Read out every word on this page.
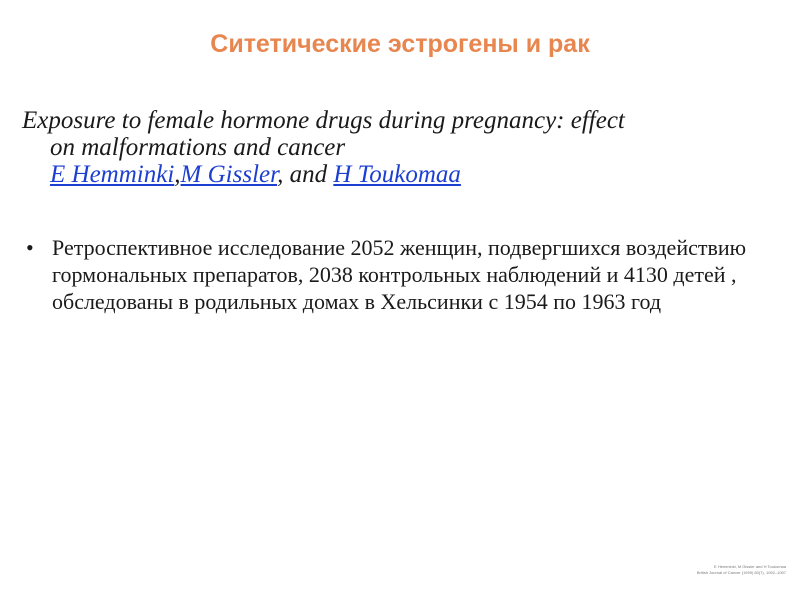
Ситетические эстрогены и рак
Exposure to female hormone drugs during pregnancy: effect
on malformations and cancer
E Hemminki,M Gissler, and H Toukomaa
• Ретроспективное исследование 2052 женщин, подвергшихся воздействию гормональных препаратов, 2038 контрольных наблюдений и 4130 детей , обследованы в родильных домах в Хельсинки с 1954 по 1963 год
E Hemminki, M Gissler and H Toukomaa
British Journal of Cancer (1999) 80(7), 1092–1097
